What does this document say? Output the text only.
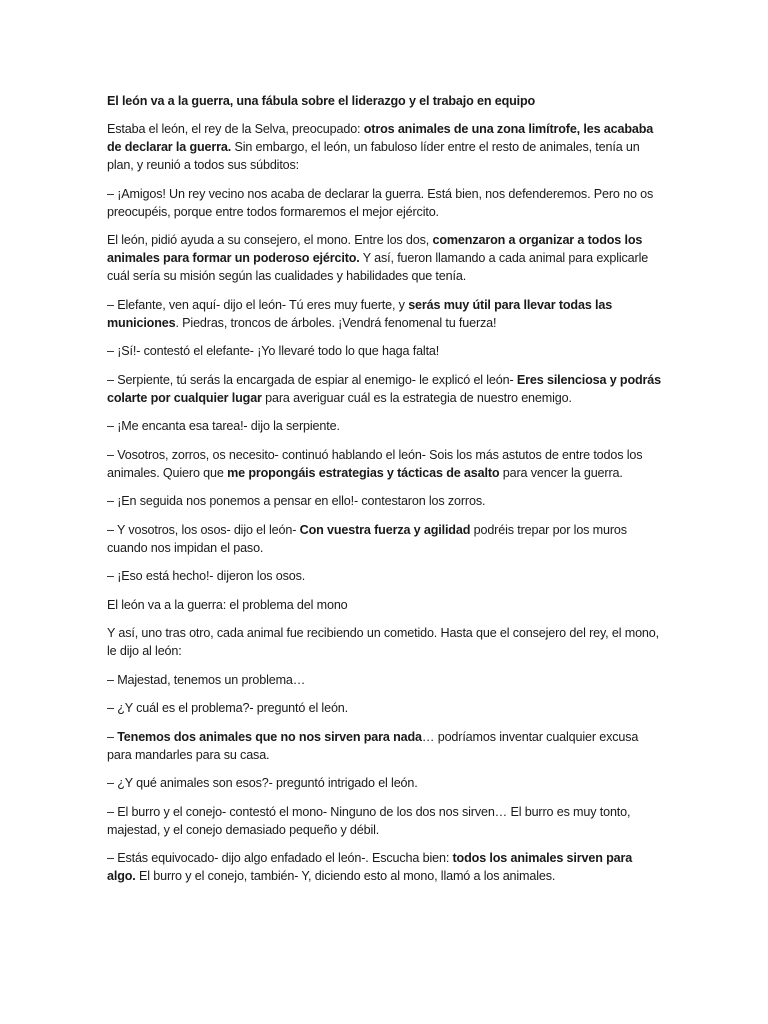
El león va a la guerra, una fábula sobre el liderazgo y el trabajo en equipo

Estaba el león, el rey de la Selva, preocupado: otros animales de una zona limítrofe, les acababa de declarar la guerra. Sin embargo, el león, un fabuloso líder entre el resto de animales, tenía un plan, y reunió a todos sus súbditos:

– ¡Amigos! Un rey vecino nos acaba de declarar la guerra. Está bien, nos defenderemos. Pero no os preocupéis, porque entre todos formaremos el mejor ejército.

El león, pidió ayuda a su consejero, el mono. Entre los dos, comenzaron a organizar a todos los animales para formar un poderoso ejército. Y así, fueron llamando a cada animal para explicarle cuál sería su misión según las cualidades y habilidades que tenía.

– Elefante, ven aquí- dijo el león- Tú eres muy fuerte, y serás muy útil para llevar todas las municiones. Piedras, troncos de árboles. ¡Vendrá fenomenal tu fuerza!

– ¡Sí!- contestó el elefante- ¡Yo llevaré todo lo que haga falta!

– Serpiente, tú serás la encargada de espiar al enemigo- le explicó el león- Eres silenciosa y podrás colarte por cualquier lugar para averiguar cuál es la estrategia de nuestro enemigo.

– ¡Me encanta esa tarea!- dijo la serpiente.

– Vosotros, zorros, os necesito- continuó hablando el león- Sois los más astutos de entre todos los animales. Quiero que me propongáis estrategias y tácticas de asalto para vencer la guerra.

– ¡En seguida nos ponemos a pensar en ello!- contestaron los zorros.

– Y vosotros, los osos- dijo el león- Con vuestra fuerza y agilidad podréis trepar por los muros cuando nos impidan el paso.

– ¡Eso está hecho!- dijeron los osos.

El león va a la guerra: el problema del mono

Y así, uno tras otro, cada animal fue recibiendo un cometido. Hasta que el consejero del rey, el mono, le dijo al león:

– Majestad, tenemos un problema…

– ¿Y cuál es el problema?- preguntó el león.

– Tenemos dos animales que no nos sirven para nada… podríamos inventar cualquier excusa para mandarles para su casa.

– ¿Y qué animales son esos?- preguntó intrigado el león.

– El burro y el conejo- contestó el mono- Ninguno de los dos nos sirven… El burro es muy tonto, majestad, y el conejo demasiado pequeño y débil.

– Estás equivocado- dijo algo enfadado el león-. Escucha bien: todos los animales sirven para algo. El burro y el conejo, también- Y, diciendo esto al mono, llamó a los animales.
